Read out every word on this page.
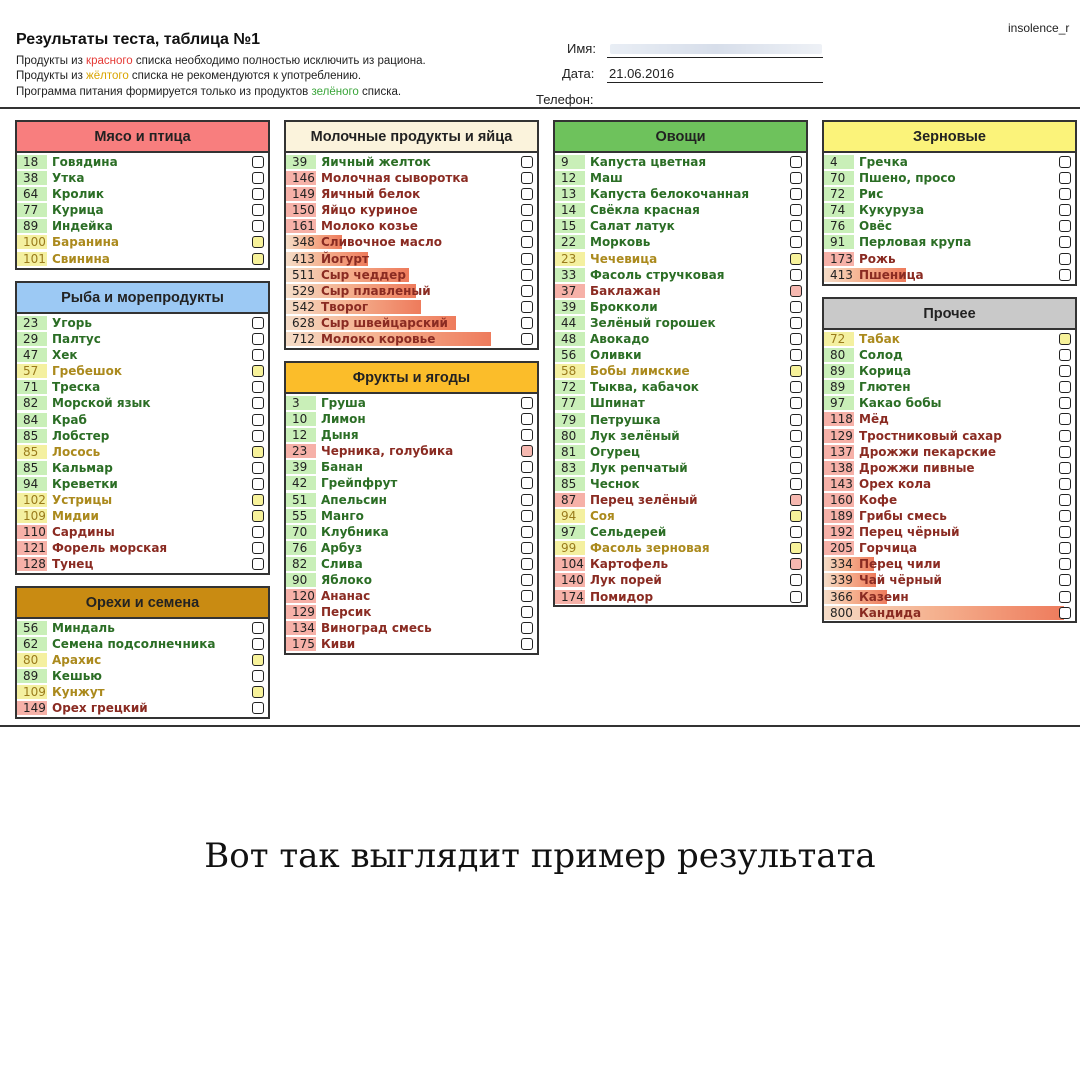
Результаты теста, таблица №1
Продукты из красного списка необходимо полностью исключить из рациона.
Продукты из жёлтого списка не рекомендуются к употреблению.
Программа питания формируется только из продуктов зелёного списка.
insolence_r
Имя:
Дата: 21.06.2016
Телефон:
Мясо и птица
18	Говядина
38	Утка
64	Кролик
77	Курица
89	Индейка
100 Баранина
101 Свинина
Рыба и морепродукты
23	Угорь
29	Палтус
47	Хек
57	Гребешок
71	Треска
82	Морской язык
84	Краб
85	Лобстер
85	Лосось
85	Кальмар
94	Креветки
102 Устрицы
109 Мидии
110 Сардины
121 Форель морская
128 Тунец
Орехи и семена
56	Миндаль
62	Семена подсолнечника
80	Арахис
89	Кешью
109 Кунжут
149 Орех грецкий
Молочные продукты и яйца
39	Яичный желток
146 Молочная сыворотка
149 Яичный белок
150 Яйцо куриное
161 Молоко козье
348 Сливочное масло
413 Йогурт
511 Сыр чеддер
529 Сыр плавленый
542 Творог
628 Сыр швейцарский
712 Молоко коровье
Фрукты и ягоды
3	Груша
10	Лимон
12	Дыня
23	Черника, голубика
39	Банан
42	Грейпфрут
51	Апельсин
55	Манго
70	Клубника
76	Арбуз
82	Слива
90	Яблоко
120 Ананас
129 Персик
134 Виноград смесь
175 Киви
Овощи
9	Капуста цветная
12	Маш
13	Капуста белокочанная
14	Свёкла красная
15	Салат латук
22	Морковь
23	Чечевица
33	Фасоль стручковая
37	Баклажан
39	Брокколи
44	Зелёный горошек
48	Авокадо
56	Оливки
58	Бобы лимские
72	Тыква, кабачок
77	Шпинат
79	Петрушка
80	Лук зелёный
81	Огурец
83	Лук репчатый
85	Чеснок
87	Перец зелёный
94	Соя
97	Сельдерей
99	Фасоль зерновая
104 Картофель
140 Лук порей
174 Помидор
Зерновые
4	Гречка
70	Пшено, просо
72	Рис
74	Кукуруза
76	Овёс
91	Перловая крупа
173 Рожь
413 Пшеница
Прочее
72	Табак
80	Солод
89	Корица
89	Глютен
97	Какао бобы
118 Мёд
129 Тростниковый сахар
137 Дрожжи пекарские
138 Дрожжи пивные
143 Орех кола
160 Кофе
189 Грибы смесь
192 Перец чёрный
205 Горчица
334 Перец чили
339 Чай чёрный
366 Казеин
800 Кандида
Вот так выглядит пример результата
